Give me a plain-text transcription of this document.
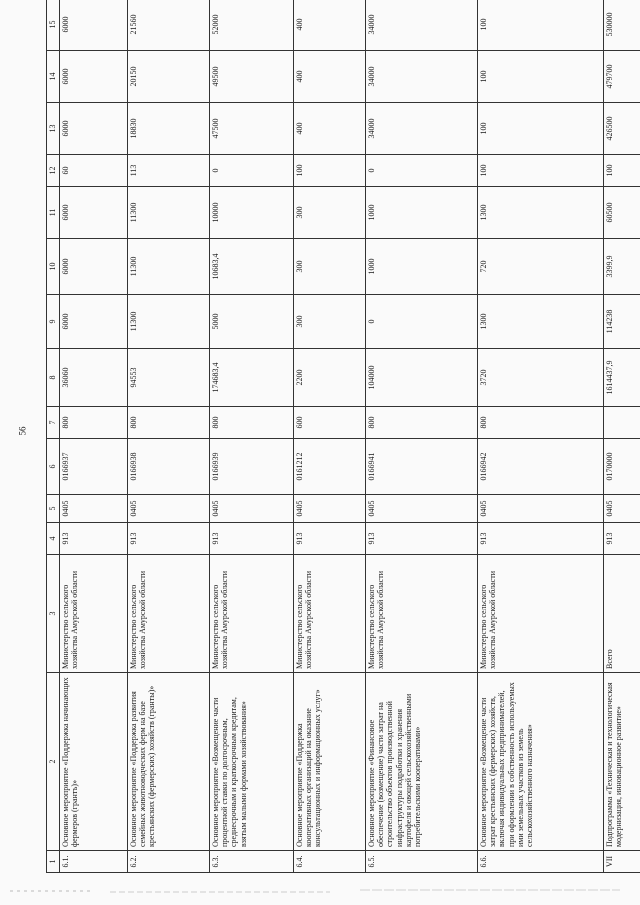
56
1	2	3	4	5	6	7	8	9	10	11	12	13	14	15
6.1.	Основное мероприятие «Поддержка начинающих фермеров (грантъ)»	Министерство сельского хозяйства Амурской области	913	0405	0166937	800	36060	6000	6000	6000	60	6000	6000	6000
6.2.	Основное мероприятие «Поддержка развития семейных животноводческих ферм на базе крестьянских (фермерских) хозяйств (гранты)»	Министерство сельского хозяйства Амурской области	913	0405	0166938	800	94553	11300	11300	11300	113	18830	20150	21560
6.3.	Основное мероприятие «Возмещение части процентной ставки по долгосрочным, среднесрочным и краткосрочным кредитам, взятым малыми формами хозяйствования»	Министерство сельского хозяйства Амурской области	913	0405	0166939	800	174683,4	5000	10683,4	10000	0	47500	49500	52000
6.4.	Основное мероприятие «Поддержка кооперативных организаций на оказание консультационных и информационных услуг»	Министерство сельского хозяйства Амурской области	913	0405	0161212	600	2200	300	300	300	100	400	400	400
6.5.	Основное мероприятие «Финансовое обеспечение (возмещение) части затрат на строительство объектов производственной инфраструктуры подработки и хранения картофеля и овощей сельскохозяйственными потребительскими кооперативами»	Министерство сельского хозяйства Амурской области	913	0405	0166941	800	104000	0	1000	1000	0	34000	34000	34000
6.6.	Основное мероприятие «Возмещение части затрат крестьянских (фермерских) хозяйств, включая индивидуальных предпринимателей, при оформлении в собственность используемых ими земельных участков из земель сельскохозяйственного назначения»	Министерство сельского хозяйства Амурской области	913	0405	0166942	800	3720	1300	720	1300	100	100	100	100
VII	Подпрограмма «Техническая и технологическая модернизация, инновационное развитие»	Всего	913	0405	0170000		1614437,9	114238	3399,9	60500	100	426500	479700	530000
